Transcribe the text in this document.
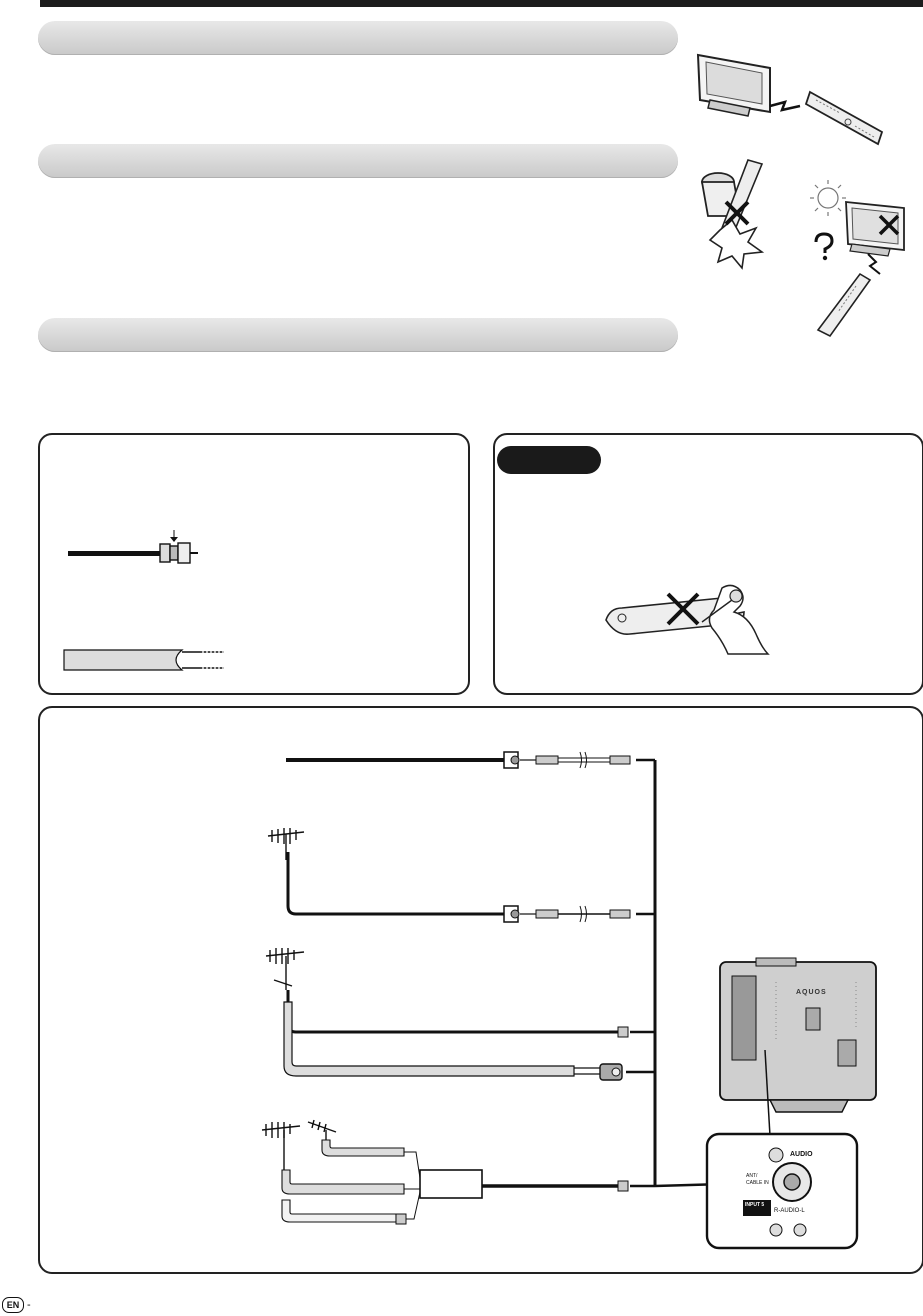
AQUOS
AUDIO
ANT/
CABLE IN
INPUT 5
R-AUDIO-L
EN -
